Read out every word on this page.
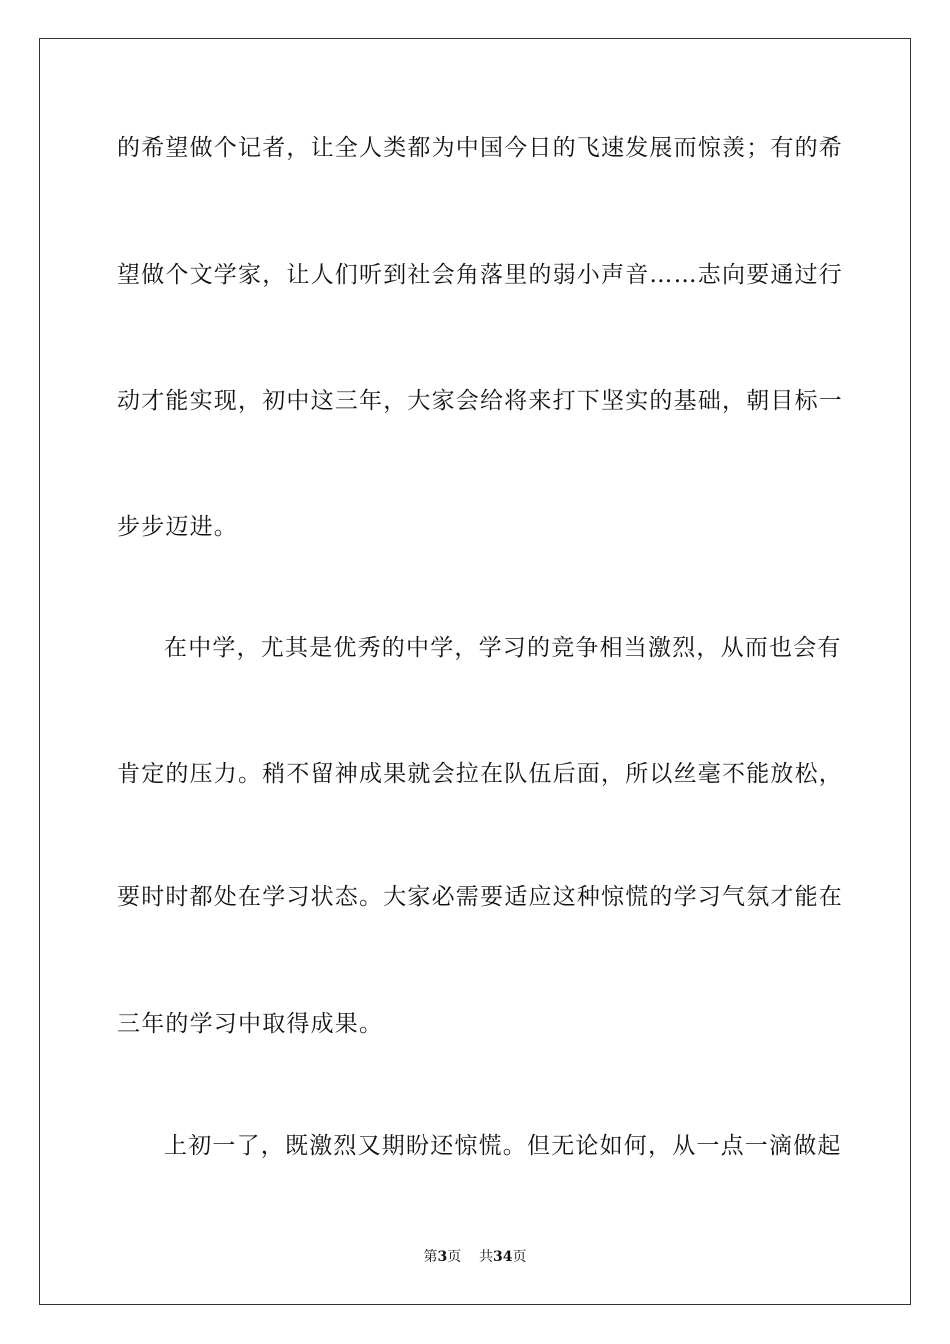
的希望做个记者，让全人类都为中国今日的飞速发展而惊羡；有的希
望做个文学家，让人们听到社会角落里的弱小声音……志向要通过行
动才能实现，初中这三年，大家会给将来打下坚实的基础，朝目标一
步步迈进。
在中学，尤其是优秀的中学，学习的竞争相当激烈，从而也会有
肯定的压力。稍不留神成果就会拉在队伍后面，所以丝毫不能放松，
要时时都处在学习状态。大家必需要适应这种惊慌的学习气氛才能在
三年的学习中取得成果。
上初一了，既激烈又期盼还惊慌。但无论如何，从一点一滴做起
第3页 共34页
